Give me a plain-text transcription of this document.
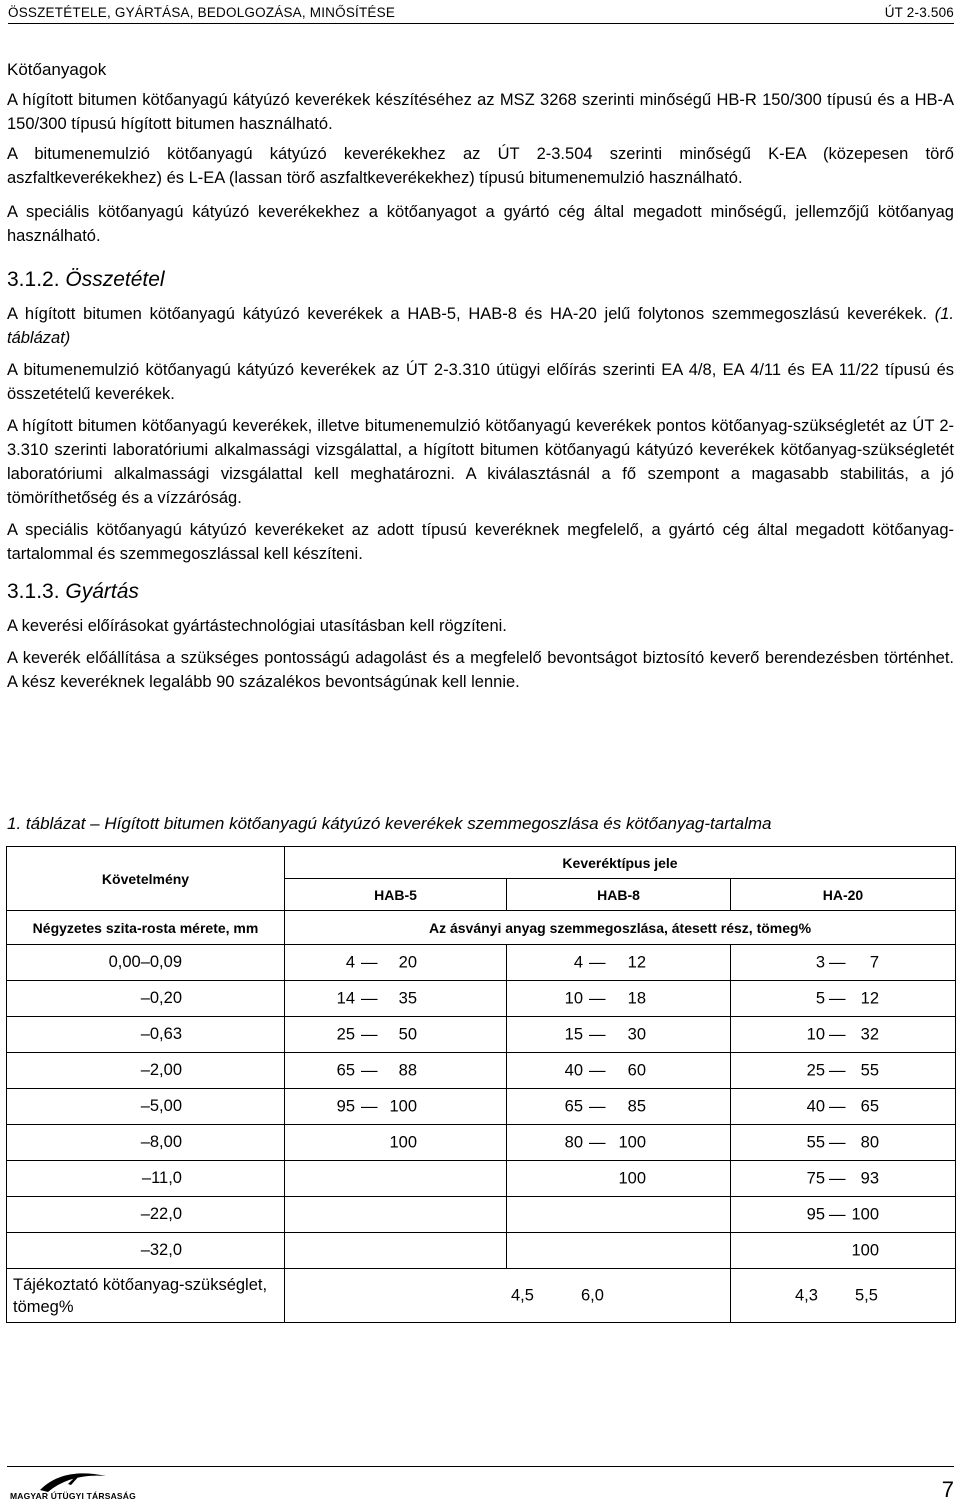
ÖSSZETÉTELE, GYÁRTÁSA, BEDOLGOZÁSA, MINŐSÍTÉSE	ÚT 2-3.506

Kötőanyagok

A hígított bitumen kötőanyagú kátyúzó keverékek készítéséhez az MSZ 3268 szerinti minőségű HB-R 150/300 típusú és a HB-A 150/300 típusú hígított bitumen használható.

A bitumenemulzió kötőanyagú kátyúzó keverékekhez az ÚT 2-3.504 szerinti minőségű K-EA (közepesen törő aszfaltkeverékekhez) és L-EA (lassan törő aszfaltkeverékekhez) típusú bitumenemulzió használható.

A speciális kötőanyagú kátyúzó keverékekhez a kötőanyagot a gyártó cég által megadott minőségű, jellemzőjű kötőanyag használható.

3.1.2. Összetétel

A hígított bitumen kötőanyagú kátyúzó keverékek a HAB-5, HAB-8 és HA-20 jelű folytonos szemmegoszlású keverékek. (1. táblázat)

A bitumenemulzió kötőanyagú kátyúzó keverékek az ÚT 2-3.310 útügyi előírás szerinti EA 4/8, EA 4/11 és EA 11/22 típusú és összetételű keverékek.

A hígított bitumen kötőanyagú keverékek, illetve bitumenemulzió kötőanyagú keverékek pontos kötőanyag-szükségletét az ÚT 2-3.310 szerinti laboratóriumi alkalmassági vizsgálattal, a hígított bitumen kötőanyagú kátyúzó keverékek kötőanyag-szükségletét laboratóriumi alkalmassági vizsgálattal kell meghatározni. A kiválasztásnál a fő szempont a magasabb stabilitás, a jó tömöríthetőség és a vízzáróság.

A speciális kötőanyagú kátyúzó keverékeket az adott típusú keveréknek megfelelő, a gyártó cég által megadott kötőanyag-tartalommal és szemmegoszlással kell készíteni.

3.1.3. Gyártás

A keverési előírásokat gyártástechnológiai utasításban kell rögzíteni.

A keverék előállítása a szükséges pontosságú adagolást és a megfelelő bevontságot biztosító keverő berendezésben történhet. A kész keveréknek legalább 90 százalékos bevontságúnak kell lennie.

1. táblázat – Hígított bitumen kötőanyagú kátyúzó keverékek szemmegoszlása és kötőanyag-tartalma
Követelmény	Keveréktípus jele		
	HAB-5	HAB-8	HA-20
Négyzetes szita-rosta mérete, mm	Az ásványi anyag szemmegoszlása, átesett rész, tömeg%		
0,00–0,09	4 — 20	4 — 12	3 — 7

–0,20	14 — 35	10 — 18	5 — 12

–0,63	25 — 50	15 — 30	10 — 32

–2,00	65 — 88	40 — 60	25 — 55

–5,00	95 — 100	65 — 85	40 — 65

–8,00	100	80 — 100	55 — 80

–11,0		100	75 — 93

–22,0			95 — 100

–32,0			100

Tájékoztató kötőanyag-szükséglet, tömeg%	4,5 6,0		4,3 5,5
MAGYAR ÚTÜGYI TÁRSASÁG	7
